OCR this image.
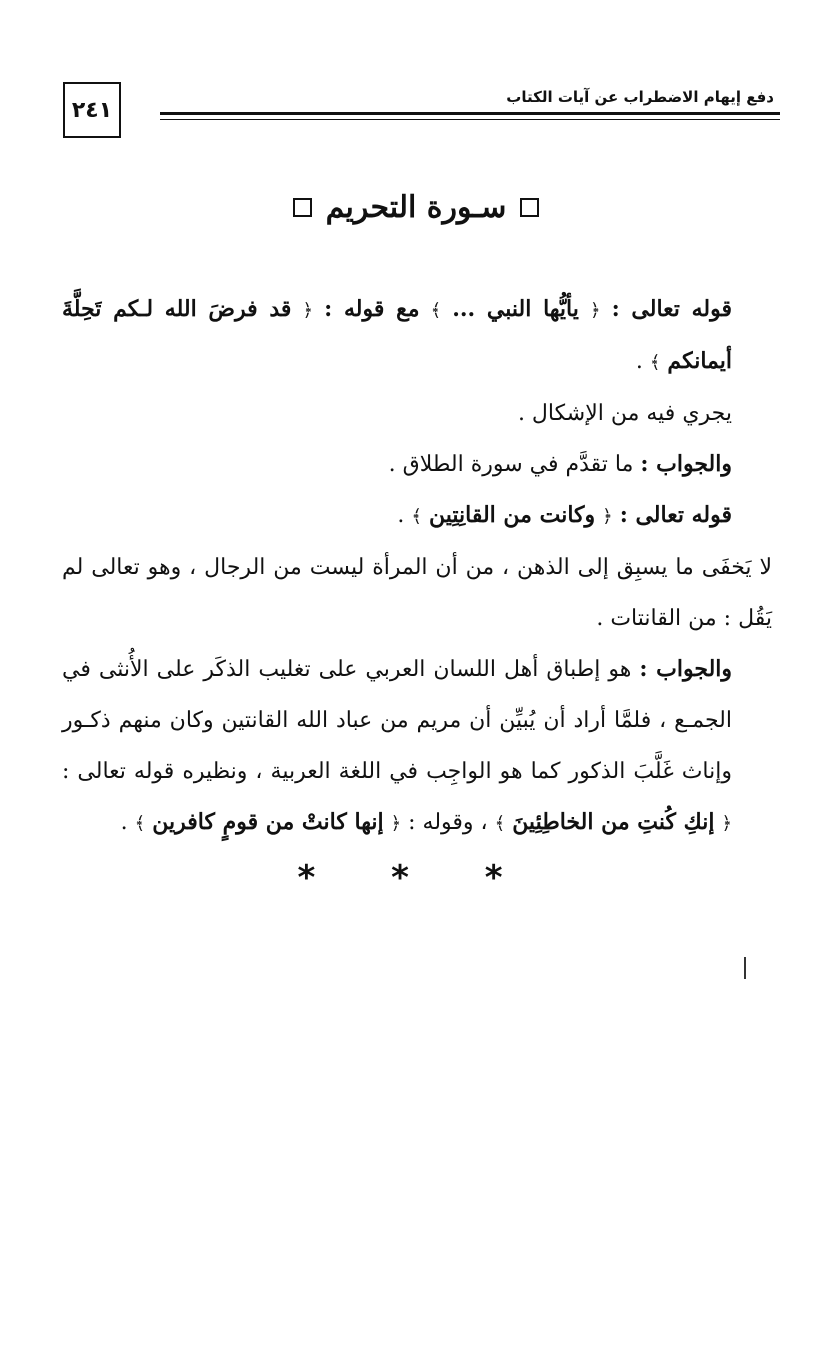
٢٤١
دفع إيهام الاضطراب عن آيات الكتاب
سـورة التحريم

قوله تعالى : ﴿ يأيُّها النبي ... ﴾ مع قوله : ﴿ قد فرضَ الله لـكم تَحِلَّةَ أيمانكم ﴾ .

يجري فيه من الإشكال .

والجواب : ما تقدَّم في سورة الطلاق .

قوله تعالى : ﴿ وكانت من القانِتِين ﴾ .

لا يَخفَى ما يسبِق إلى الذهن ، من أن المرأة ليست من الرجال ، وهو تعالى لم يَقُل : من القانتات .

والجواب : هو إطباق أهل اللسان العربي على تغليب الذكَر على الأُنثى في الجمـع ، فلمَّا أراد أن يُبيِّن أن مريم من عباد الله القانتين وكان منهم ذكـور وإناث غَلَّبَ الذكور كما هو الواجِب في اللغة العربية ، ونظيره قوله تعالى : ﴿ إنكِ كُنتِ من الخاطِئِينَ ﴾ ، وقوله : ﴿ إنها كانتْ من قومٍ كافرين ﴾ .

* * *
